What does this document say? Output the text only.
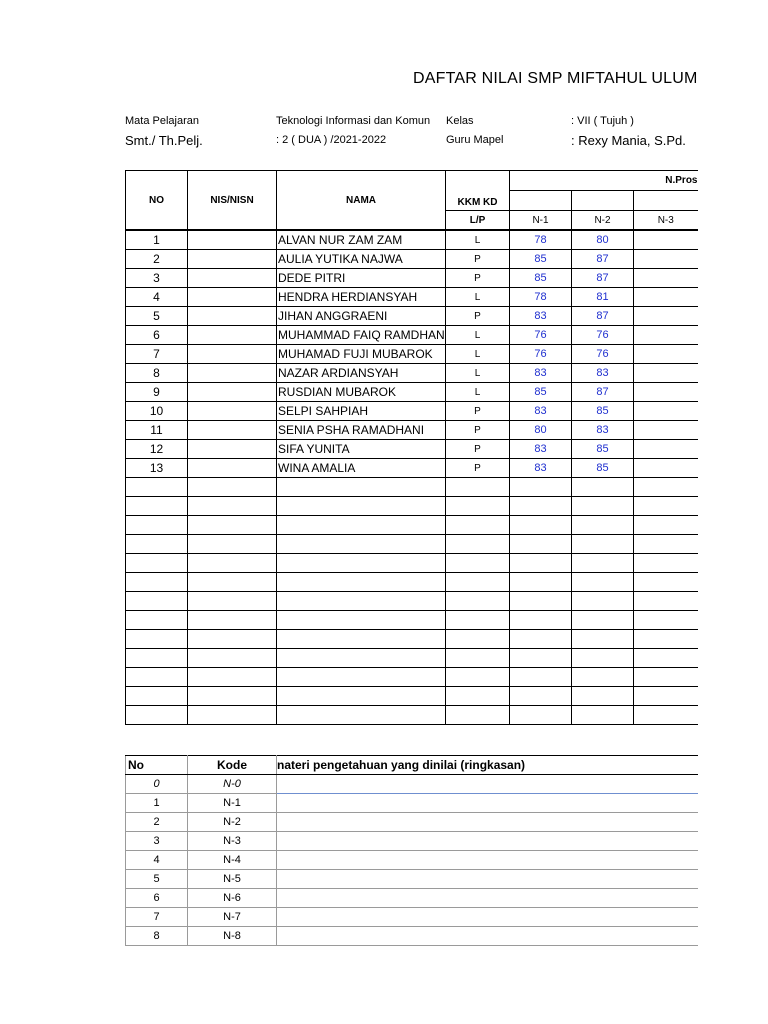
DAFTAR NILAI SMP MIFTAHUL ULUM
Mata Pelajaran	Teknologi Informasi dan Komun Kelas	: VII ( Tujuh )
Smt./ Th.Pelj.	: 2 ( DUA ) /2021-2022	Guru Mapel	: Rexy Mania, S.Pd.
NO	NIS/NISN	NAMA	KKM KD	N.Pros		

			L/P	N-1	N-2	N-3
1		ALVAN NUR ZAM ZAM	L	78	80	
2		AULIA YUTIKA NAJWA	P	85	87	
3		DEDE PITRI	P	85	87	
4		HENDRA HERDIANSYAH	L	78	81	
5		JIHAN ANGGRAENI	P	83	87	
6		MUHAMMAD FAIQ RAMDHAN	L	76	76	
7		MUHAMAD FUJI MUBAROK	L	76	76	
8		NAZAR ARDIANSYAH	L	83	83	
9		RUSDIAN MUBAROK	L	85	87	
10		SELPI SAHPIAH	P	83	85	
11		SENIA PSHA RAMADHANI	P	80	83	
12		SIFA YUNITA	P	83	85	
13		WINA AMALIA	P	83	85	

No	Kode	nateri pengetahuan yang dinilai (ringkasan)
0	N-0	
1	N-1	
2	N-2	
3	N-3	
4	N-4	
5	N-5	
6	N-6	
7	N-7	
8	N-8	
